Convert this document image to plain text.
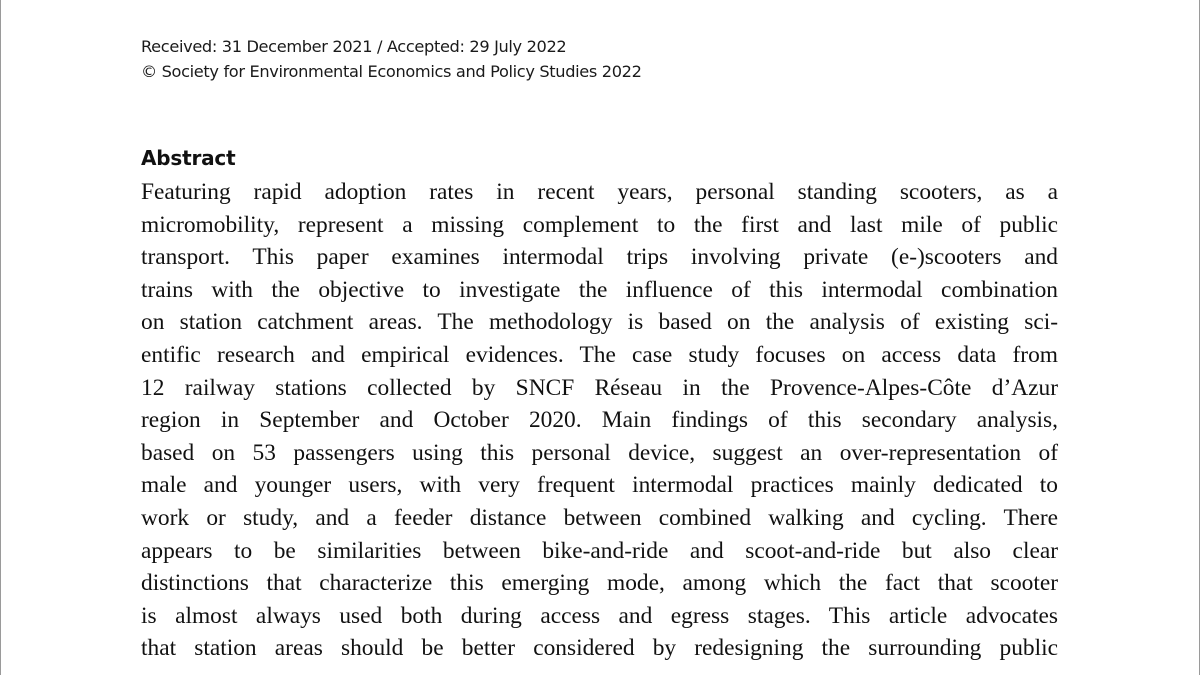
Received: 31 December 2021 / Accepted: 29 July 2022
© Society for Environmental Economics and Policy Studies 2022
Abstract
Featuring rapid adoption rates in recent years, personal standing scooters, as a
micromobility, represent a missing complement to the first and last mile of public
transport. This paper examines intermodal trips involving private (e-)scooters and
trains with the objective to investigate the influence of this intermodal combination
on station catchment areas. The methodology is based on the analysis of existing sci-
entific research and empirical evidences. The case study focuses on access data from
12 railway stations collected by SNCF Réseau in the Provence-Alpes-Côte d’Azur
region in September and October 2020. Main findings of this secondary analysis,
based on 53 passengers using this personal device, suggest an over-representation of
male and younger users, with very frequent intermodal practices mainly dedicated to
work or study, and a feeder distance between combined walking and cycling. There
appears to be similarities between bike-and-ride and scoot-and-ride but also clear
distinctions that characterize this emerging mode, among which the fact that scooter
is almost always used both during access and egress stages. This article advocates
that station areas should be better considered by redesigning the surrounding public
